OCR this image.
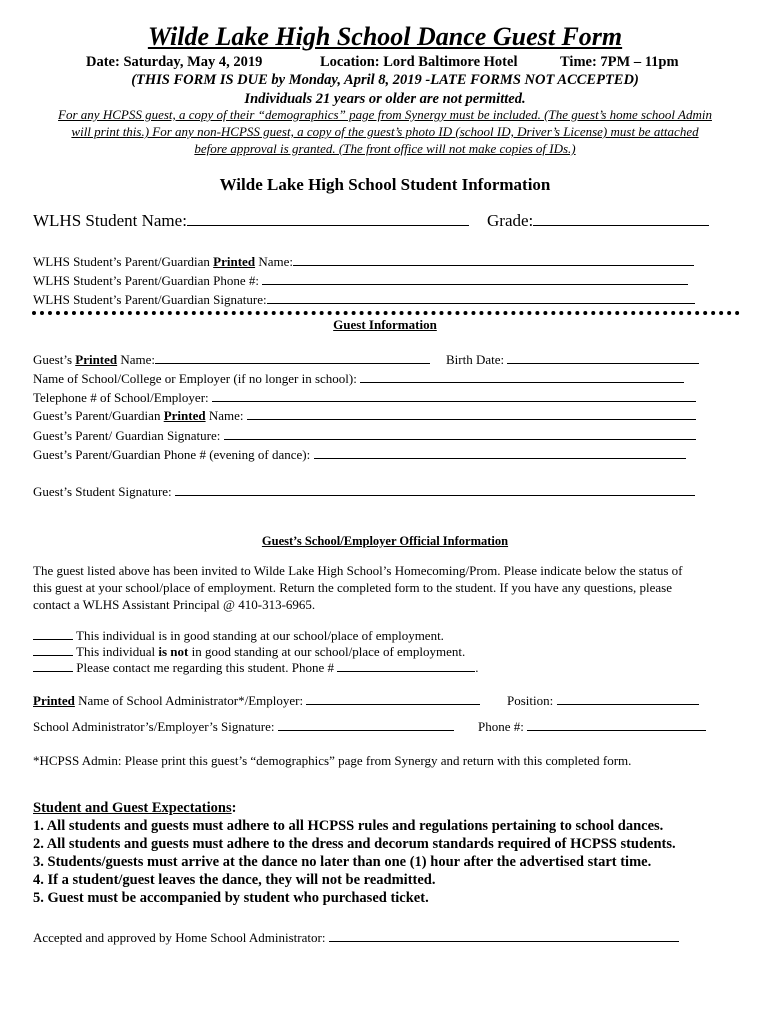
Wilde Lake High School Dance Guest Form
Date: Saturday, May 4, 2019	Location: Lord Baltimore Hotel	Time: 7PM – 11pm
(THIS FORM IS DUE by Monday, April 8, 2019 -LATE FORMS NOT ACCEPTED)
Individuals 21 years or older are not permitted.
For any HCPSS guest, a copy of their “demographics” page from Synergy must be included. (The guest’s home school Admin
will print this.) For any non-HCPSS guest, a copy of the guest’s photo ID (school ID, Driver’s License) must be attached
before approval is granted. (The front office will not make copies of IDs.)
Wilde Lake High School Student Information
WLHS Student Name:	Grade:
WLHS Student’s Parent/Guardian Printed Name:
WLHS Student’s Parent/Guardian Phone #:
WLHS Student’s Parent/Guardian Signature:
Guest Information
Guest’s Printed Name:	Birth Date:
Name of School/College or Employer (if no longer in school):
Telephone # of School/Employer:
Guest’s Parent/Guardian Printed Name:
Guest’s Parent/ Guardian Signature:
Guest’s Parent/Guardian Phone # (evening of dance):
Guest’s Student Signature:
Guest’s School/Employer Official Information
The guest listed above has been invited to Wilde Lake High School’s Homecoming/Prom. Please indicate below the status of
this guest at your school/place of employment. Return the completed form to the student. If you have any questions, please
contact a WLHS Assistant Principal @ 410-313-6965.
This individual is in good standing at our school/place of employment.
This individual is not in good standing at our school/place of employment.
Please contact me regarding this student. Phone #	.
Printed Name of School Administrator*/Employer:	Position:
School Administrator’s/Employer’s Signature:	Phone #:
*HCPSS Admin: Please print this guest’s “demographics” page from Synergy and return with this completed form.
Student and Guest Expectations:
1. All students and guests must adhere to all HCPSS rules and regulations pertaining to school dances.
2. All students and guests must adhere to the dress and decorum standards required of HCPSS students.
3. Students/guests must arrive at the dance no later than one (1) hour after the advertised start time.
4. If a student/guest leaves the dance, they will not be readmitted.
5. Guest must be accompanied by student who purchased ticket.
Accepted and approved by Home School Administrator:
